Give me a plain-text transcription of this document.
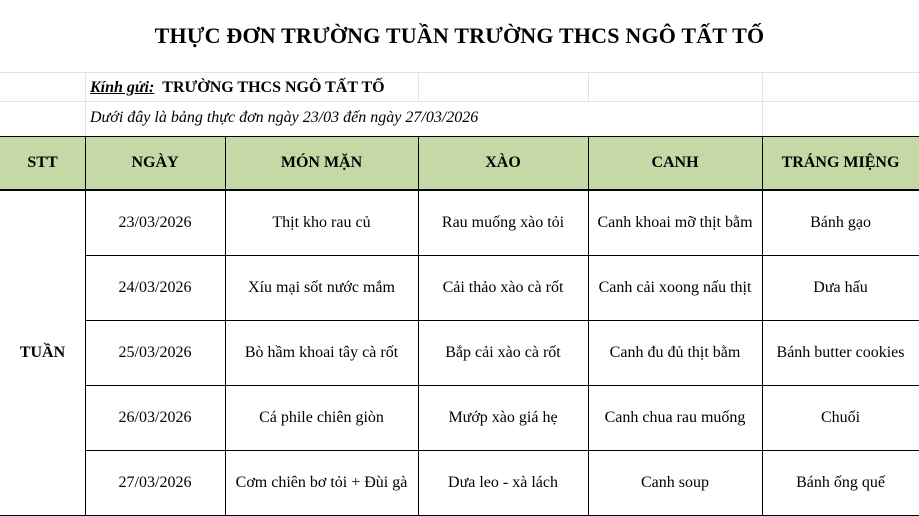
THỰC ĐƠN TRƯỜNG TUẦN TRƯỜNG THCS NGÔ TẤT TỐ
Kính gửi: TRƯỜNG THCS NGÔ TẤT TỐ
Dưới đây là bảng thực đơn ngày 23/03 đến ngày 27/03/2026
STT	NGÀY	MÓN MẶN	XÀO	CANH	TRÁNG MIỆNG
TUẦN
23/03/2026	Thịt kho rau củ	Rau muống xào tỏi	Canh khoai mỡ thịt bằm	Bánh gạo
24/03/2026	Xíu mại sốt nước mắm	Cải thảo xào cà rốt	Canh cải xoong nấu thịt	Dưa hấu
25/03/2026	Bò hầm khoai tây cà rốt	Bắp cải xào cà rốt	Canh đu đủ thịt bằm	Bánh butter cookies
26/03/2026	Cá phile chiên giòn	Mướp xào giá hẹ	Canh chua rau muống	Chuối
27/03/2026	Cơm chiên bơ tỏi + Đùi gà	Dưa leo - xà lách	Canh soup	Bánh ống quế
